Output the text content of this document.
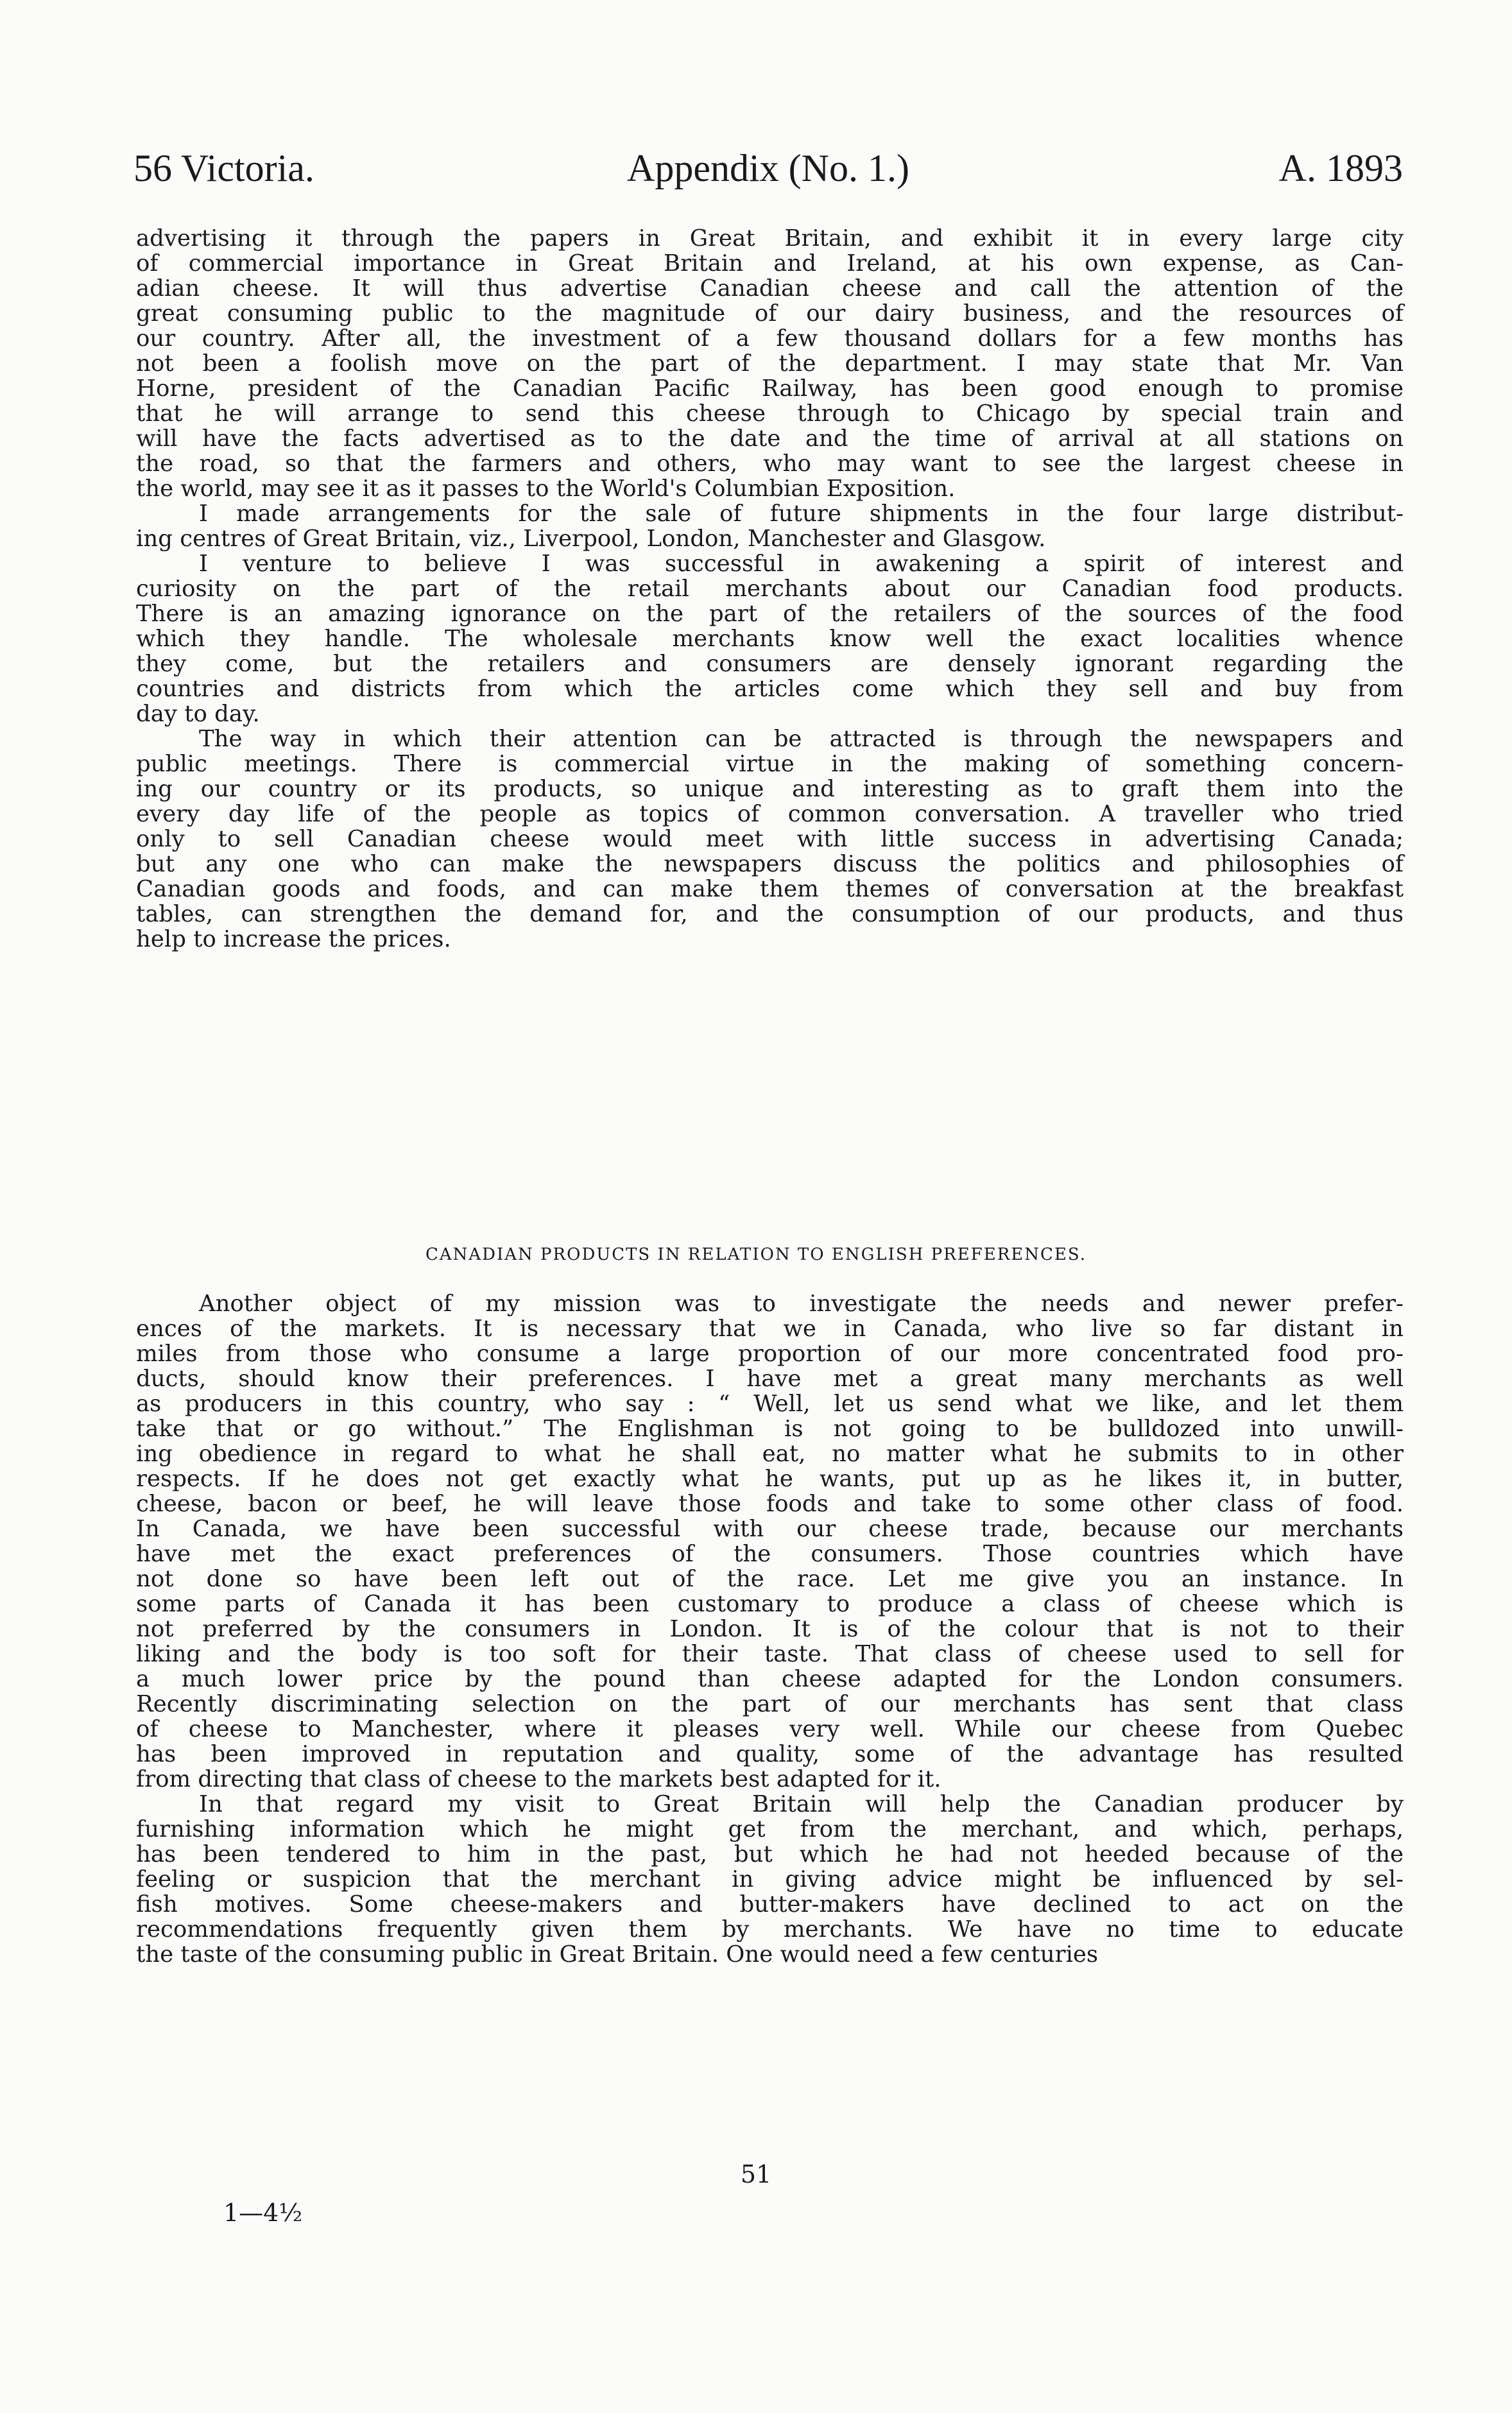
56 Victoria.	Appendix (No. 1.)	A. 1893

advertising it through the papers in Great Britain, and exhibit it in every large city

of commercial importance in Great Britain and Ireland, at his own expense, as Can-

adian cheese. It will thus advertise Canadian cheese and call the attention of the

great consuming public to the magnitude of our dairy business, and the resources of

our country. After all, the investment of a few thousand dollars for a few months has

not been a foolish move on the part of the department. I may state that Mr. Van

Horne, president of the Canadian Pacific Railway, has been good enough to promise

that he will arrange to send this cheese through to Chicago by special train and

will have the facts advertised as to the date and the time of arrival at all stations on

the road, so that the farmers and others, who may want to see the largest cheese in

the world, may see it as it passes to the World's Columbian Exposition.

I made arrangements for the sale of future shipments in the four large distribut-

ing centres of Great Britain, viz., Liverpool, London, Manchester and Glasgow.

I venture to believe I was successful in awakening a spirit of interest and

curiosity on the part of the retail merchants about our Canadian food products.

There is an amazing ignorance on the part of the retailers of the sources of the food

which they handle. The wholesale merchants know well the exact localities whence

they come, but the retailers and consumers are densely ignorant regarding the

countries and districts from which the articles come which they sell and buy from

day to day.

The way in which their attention can be attracted is through the newspapers and

public meetings. There is commercial virtue in the making of something concern-

ing our country or its products, so unique and interesting as to graft them into the

every day life of the people as topics of common conversation. A traveller who tried

only to sell Canadian cheese would meet with little success in advertising Canada;

but any one who can make the newspapers discuss the politics and philosophies of

Canadian goods and foods, and can make them themes of conversation at the breakfast

tables, can strengthen the demand for, and the consumption of our products, and thus

help to increase the prices.

CANADIAN PRODUCTS IN RELATION TO ENGLISH PREFERENCES.

Another object of my mission was to investigate the needs and newer prefer-

ences of the markets. It is necessary that we in Canada, who live so far distant in

miles from those who consume a large proportion of our more concentrated food pro-

ducts, should know their preferences. I have met a great many merchants as well

as producers in this country, who say : “ Well, let us send what we like, and let them

take that or go without.” The Englishman is not going to be bulldozed into unwill-

ing obedience in regard to what he shall eat, no matter what he submits to in other

respects. If he does not get exactly what he wants, put up as he likes it, in butter,

cheese, bacon or beef, he will leave those foods and take to some other class of food.

In Canada, we have been successful with our cheese trade, because our merchants

have met the exact preferences of the consumers. Those countries which have

not done so have been left out of the race. Let me give you an instance. In

some parts of Canada it has been customary to produce a class of cheese which is

not preferred by the consumers in London. It is of the colour that is not to their

liking and the body is too soft for their taste. That class of cheese used to sell for

a much lower price by the pound than cheese adapted for the London consumers.

Recently discriminating selection on the part of our merchants has sent that class

of cheese to Manchester, where it pleases very well. While our cheese from Quebec

has been improved in reputation and quality, some of the advantage has resulted

from directing that class of cheese to the markets best adapted for it.

In that regard my visit to Great Britain will help the Canadian producer by

furnishing information which he might get from the merchant, and which, perhaps,

has been tendered to him in the past, but which he had not heeded because of the

feeling or suspicion that the merchant in giving advice might be influenced by sel-

fish motives. Some cheese-makers and butter-makers have declined to act on the

recommendations frequently given them by merchants. We have no time to educate

the taste of the consuming public in Great Britain. One would need a few centuries

51
1—4½
